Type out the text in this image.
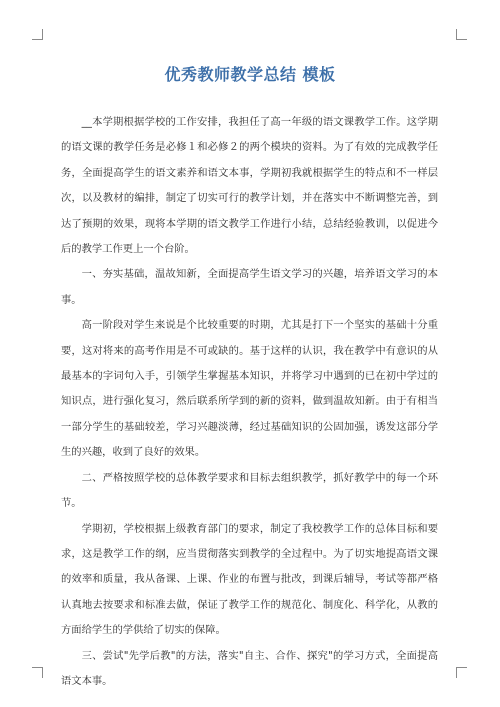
优秀教师教学总结 模板

__本学期根据学校的工作安排，我担任了高一年级的语文课教学工作。这学期的语文课的教学任务是必修１和必修２的两个模块的资料。为了有效的完成教学任务，全面提高学生的语文素养和语文本事，学期初我就根据学生的特点和不一样层次，以及教材的编排，制定了切实可行的教学计划，并在落实中不断调整完善，到达了预期的效果，现将本学期的语文教学工作进行小结，总结经验教训，以促进今后的教学工作更上一个台阶。

一、夯实基础，温故知新，全面提高学生语文学习的兴趣，培养语文学习的本事。

高一阶段对学生来说是个比较重要的时期，尤其是打下一个坚实的基础十分重要，这对将来的高考作用是不可或缺的。基于这样的认识，我在教学中有意识的从最基本的字词句入手，引领学生掌握基本知识，并将学习中遇到的已在初中学过的知识点，进行强化复习，然后联系所学到的新的资料，做到温故知新。由于有相当一部分学生的基础较差，学习兴趣淡薄，经过基础知识的公固加强，诱发这部分学生的兴趣，收到了良好的效果。

二、严格按照学校的总体教学要求和目标去组织教学，抓好教学中的每一个环节。

学期初，学校根据上级教育部门的要求，制定了我校教学工作的总体目标和要求，这是教学工作的纲，应当贯彻落实到教学的全过程中。为了切实地提高语文课的效率和质量，我从备课、上课、作业的布置与批改，到课后辅导，考试等都严格认真地去按要求和标准去做，保证了教学工作的规范化、制度化、科学化，从教的方面给学生的学供给了切实的保障。

三、尝试"先学后教"的方法，落实"自主、合作、探究"的学习方式，全面提高语文本事。
